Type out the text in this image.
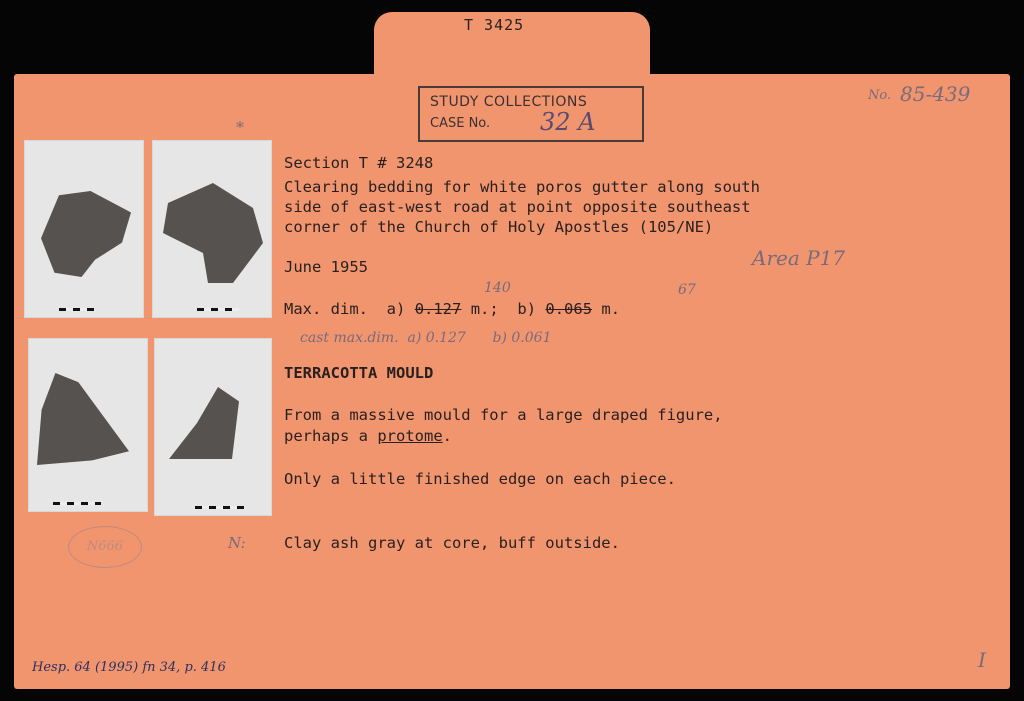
T 3425
STUDY COLLECTIONS
CASE No. 32 A
No. 85-439
*
Section T # 3248
Clearing bedding for white poros gutter along south
side of east-west road at point opposite southeast
corner of the Church of Holy Apostles (105/NE)
June 1955	Area P17
140	67
Max. dim. a) 0.127 m.; b) 0.065 m.
cast max.dim.  a) 0.127      b) 0.061
TERRACOTTA MOULD
From a massive mould for a large draped figure,
perhaps a protome.
Only a little finished edge on each piece.
N: Clay ash gray at core, buff outside.
N666
Hesp. 64 (1995) fn 34, p. 416	I
